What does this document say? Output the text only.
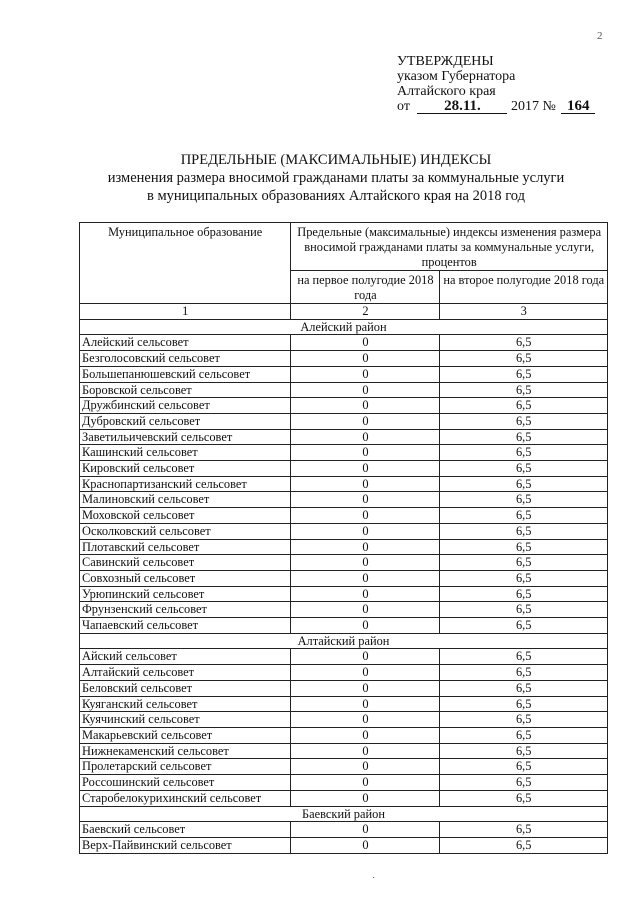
2
УТВЕРЖДЕНЫ
указом Губернатора
Алтайского края
от 28.11. 2017 № 164
ПРЕДЕЛЬНЫЕ (МАКСИМАЛЬНЫЕ) ИНДЕКСЫ
изменения размера вносимой гражданами платы за коммунальные услуги
в муниципальных образованиях Алтайского края на 2018 год
Муниципальное образование	Предельные (максимальные) индексы изменения размера вносимой гражданами платы за коммунальные услуги, процентов	
	на первое полугодие 2018 года	на второе полугодие 2018 года
1	2	3
Алейский район		
Алейский сельсовет	0	6,5
Безголосовский сельсовет	0	6,5
Большепанюшевский сельсовет	0	6,5
Боровской сельсовет	0	6,5
Дружбинский сельсовет	0	6,5
Дубровский сельсовет	0	6,5
Заветильичевский сельсовет	0	6,5
Кашинский сельсовет	0	6,5
Кировский сельсовет	0	6,5
Краснопартизанский сельсовет	0	6,5
Малиновский сельсовет	0	6,5
Моховской сельсовет	0	6,5
Осколковский сельсовет	0	6,5
Плотавский сельсовет	0	6,5
Савинский сельсовет	0	6,5
Совхозный сельсовет	0	6,5
Урюпинский сельсовет	0	6,5
Фрунзенский сельсовет	0	6,5
Чапаевский сельсовет	0	6,5
Алтайский район		
Айский сельсовет	0	6,5
Алтайский сельсовет	0	6,5
Беловский сельсовет	0	6,5
Куяганский сельсовет	0	6,5
Куячинский сельсовет	0	6,5
Макарьевский сельсовет	0	6,5
Нижнекаменский сельсовет	0	6,5
Пролетарский сельсовет	0	6,5
Россошинский сельсовет	0	6,5
Старобелокурихинский сельсовет	0	6,5
Баевский район		
Баевский сельсовет	0	6,5
Верх-Пайвинский сельсовет	0	6,5
˙
